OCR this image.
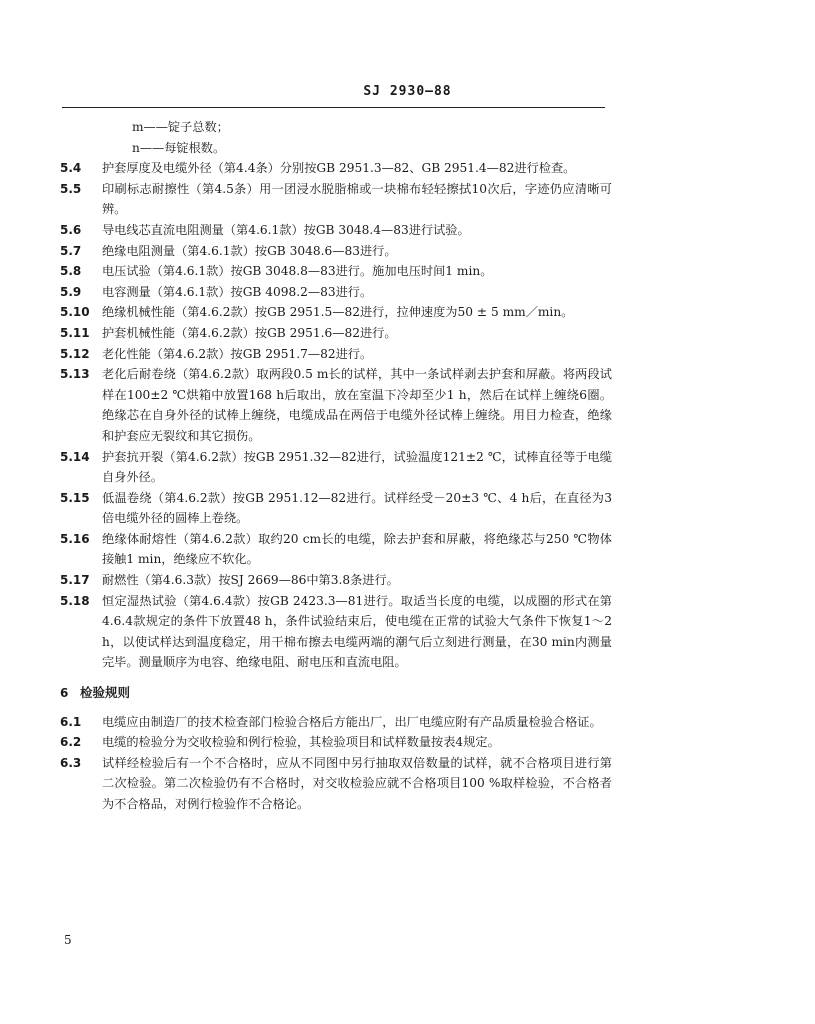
SJ 2930—88
m——锭子总数；
n——每锭根数。
5.4	护套厚度及电缆外径（第4.4条）分别按GB 2951.3—82、GB 2951.4—82进行检查。
5.5	印刷标志耐擦性（第4.5条）用一团浸水脱脂棉或一块棉布轻轻擦拭10次后，字迹仍应清晰可辨。
5.6	导电线芯直流电阻测量（第4.6.1款）按GB 3048.4—83进行试验。
5.7	绝缘电阻测量（第4.6.1款）按GB 3048.6—83进行。
5.8	电压试验（第4.6.1款）按GB 3048.8—83进行。施加电压时间1 min。
5.9	电容测量（第4.6.1款）按GB 4098.2—83进行。
5.10	绝缘机械性能（第4.6.2款）按GB 2951.5—82进行，拉伸速度为50 ± 5 mm／min。
5.11	护套机械性能（第4.6.2款）按GB 2951.6—82进行。
5.12	老化性能（第4.6.2款）按GB 2951.7—82进行。
5.13	老化后耐卷绕（第4.6.2款）取两段0.5 m长的试样，其中一条试样剥去护套和屏蔽。将两段试样在100±2 ℃烘箱中放置168 h后取出，放在室温下冷却至少1 h，然后在试样上缠绕6圈。绝缘芯在自身外径的试棒上缠绕，电缆成品在两倍于电缆外径试棒上缠绕。用目力检查，绝缘和护套应无裂纹和其它损伤。
5.14	护套抗开裂（第4.6.2款）按GB 2951.32—82进行，试验温度121±2 ℃，试棒直径等于电缆自身外径。
5.15	低温卷绕（第4.6.2款）按GB 2951.12—82进行。试样经受－20±3 ℃、4 h后，在直径为3倍电缆外径的圆棒上卷绕。
5.16	绝缘体耐熔性（第4.6.2款）取约20 cm长的电缆，除去护套和屏蔽，将绝缘芯与250 ℃物体接触1 min，绝缘应不软化。
5.17	耐燃性（第4.6.3款）按SJ 2669—86中第3.8条进行。
5.18	恒定湿热试验（第4.6.4款）按GB 2423.3—81进行。取适当长度的电缆，以成圈的形式在第4.6.4款规定的条件下放置48 h，条件试验结束后，使电缆在正常的试验大气条件下恢复1～2 h，以使试样达到温度稳定，用干棉布擦去电缆两端的潮气后立刻进行测量，在30 min内测量完毕。测量顺序为电容、绝缘电阻、耐电压和直流电阻。
6 检验规则
6.1	电缆应由制造厂的技术检查部门检验合格后方能出厂，出厂电缆应附有产品质量检验合格证。
6.2	电缆的检验分为交收检验和例行检验，其检验项目和试样数量按表4规定。
6.3	试样经检验后有一个不合格时，应从不同图中另行抽取双倍数量的试样，就不合格项目进行第二次检验。第二次检验仍有不合格时，对交收检验应就不合格项目100 %取样检验，不合格者为不合格品，对例行检验作不合格论。
5
